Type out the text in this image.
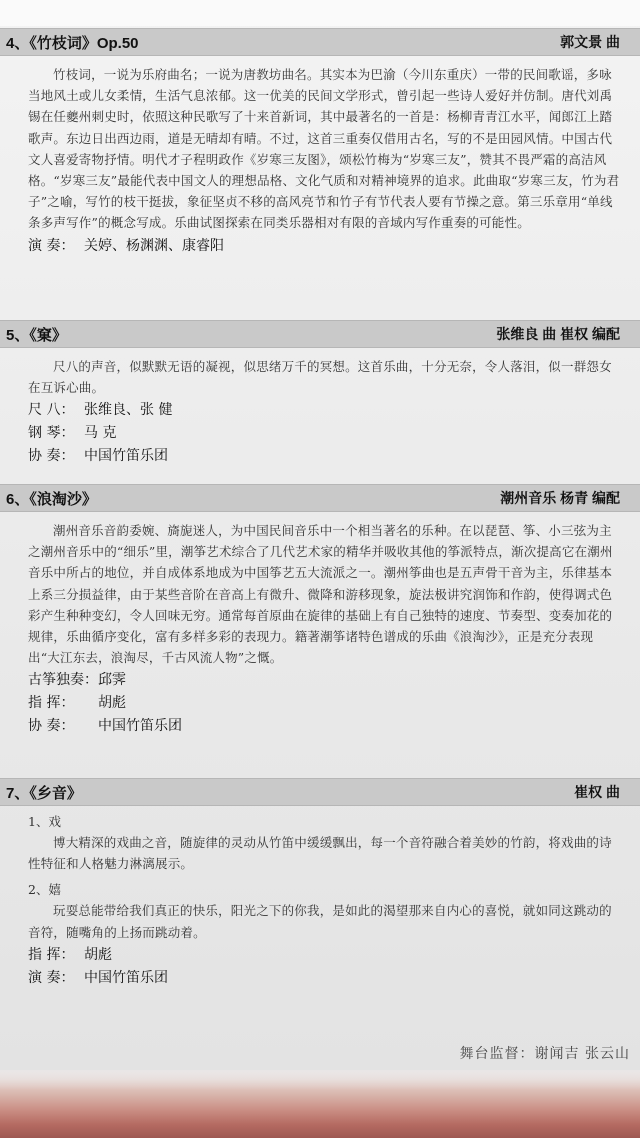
4、《竹枝词》Op.50	郭文景 曲
竹枝词，一说为乐府曲名；一说为唐教坊曲名。其实本为巴渝（今川东重庆）一带的民间歌谣，多咏当地风土或儿女柔情，生活气息浓郁。这一优美的民间文学形式，曾引起一些诗人爱好并仿制。唐代刘禹锡在任夔州刺史时，依照这种民歌写了十来首新词，其中最著名的一首是：杨柳青青江水平，闻郎江上踏歌声。东边日出西边雨，道是无晴却有晴。不过，这首三重奏仅借用古名，写的不是田园风情。中国古代文人喜爱寄物抒情。明代才子程明政作《岁寒三友图》，颂松竹梅为“岁寒三友”，赞其不畏严霜的高洁风格。“岁寒三友”最能代表中国文人的理想品格、文化气质和对精神境界的追求。此曲取“岁寒三友，竹为君子”之喻，写竹的枝干挺拔，象征坚贞不移的高风亮节和竹子有节代表人要有节操之意。第三乐章用“单线条多声写作”的概念写成。乐曲试图探索在同类乐器相对有限的音域内写作重奏的可能性。
演 奏： 关婷、杨渊渊、康睿阳
5、《窠》	张维良 曲 崔权 编配
尺八的声音，似默默无语的凝视，似思绪万千的冥想。这首乐曲，十分无奈，令人落泪，似一群怨女在互诉心曲。
尺 八： 张维良、张 健
钢 琴： 马 克
协 奏： 中国竹笛乐团
6、《浪淘沙》	潮州音乐 杨青 编配
潮州音乐音韵委婉、旖旎迷人，为中国民间音乐中一个相当著名的乐种。在以琵琶、筝、小三弦为主之潮州音乐中的“细乐”里，潮筝艺术综合了几代艺术家的精华并吸收其他的筝派特点，渐次提高它在潮州音乐中所占的地位，并自成体系地成为中国筝艺五大流派之一。潮州筝曲也是五声骨干音为主，乐律基本上系三分损益律，由于某些音阶在音高上有微升、微降和游移现象，旋法极讲究润饰和作韵，使得调式色彩产生种种变幻，令人回味无穷。通常每首原曲在旋律的基础上有自己独特的速度、节奏型、变奏加花的规律，乐曲循序变化，富有多样多彩的表现力。籍著潮筝诸特色谱成的乐曲《浪淘沙》，正是充分表现出“大江东去，浪淘尽，千古风流人物”之慨。
古筝独奏：邱霁
指 挥： 胡彪
协 奏： 中国竹笛乐团
7、《乡音》	崔权 曲
1、戏
博大精深的戏曲之音，随旋律的灵动从竹笛中缓缓飘出，每一个音符融合着美妙的竹韵，将戏曲的诗性特征和人格魅力淋漓展示。
2、嬉
玩耍总能带给我们真正的快乐，阳光之下的你我，是如此的渴望那来自内心的喜悦，就如同这跳动的音符，随嘴角的上扬而跳动着。
指 挥： 胡彪
演 奏： 中国竹笛乐团
舞台监督：谢闻吉 张云山
